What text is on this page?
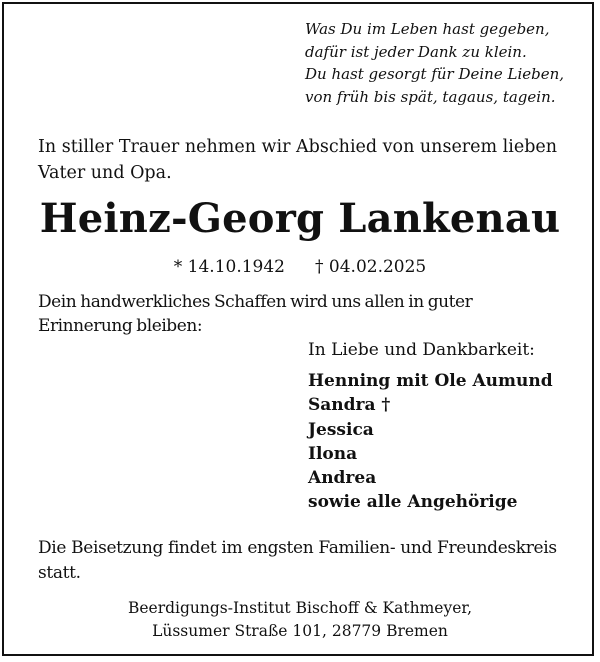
Was Du im Leben hast gegeben,
dafür ist jeder Dank zu klein.
Du hast gesorgt für Deine Lieben,
von früh bis spät, tagaus, tagein.
In stiller Trauer nehmen wir Abschied von unserem lieben Vater und Opa.
Heinz-Georg Lankenau
* 14.10.1942 † 04.02.2025
Dein handwerkliches Schaffen wird uns allen in guter Erinnerung bleiben:
In Liebe und Dankbarkeit:
Henning mit Ole Aumund
Sandra †
Jessica
Ilona
Andrea
sowie alle Angehörige
Die Beisetzung findet im engsten Familien- und Freundeskreis statt.
Beerdigungs-Institut Bischoff & Kathmeyer,
Lüssumer Straße 101, 28779 Bremen
